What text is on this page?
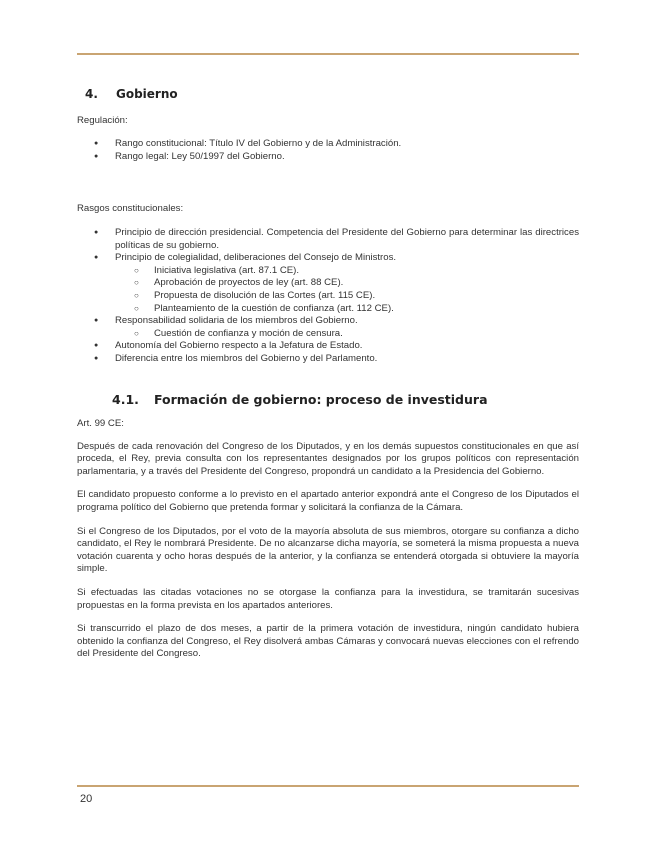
4. Gobierno

Regulación:

● Rango constitucional: Título IV del Gobierno y de la Administración.
● Rango legal: Ley 50/1997 del Gobierno.

Rasgos constitucionales:

● Principio de dirección presidencial. Competencia del Presidente del Gobierno para determinar las directrices políticas de su gobierno.
● Principio de colegialidad, deliberaciones del Consejo de Ministros.
○ Iniciativa legislativa (art. 87.1 CE).
○ Aprobación de proyectos de ley (art. 88 CE).
○ Propuesta de disolución de las Cortes (art. 115 CE).
○ Planteamiento de la cuestión de confianza (art. 112 CE).
● Responsabilidad solidaria de los miembros del Gobierno.
○ Cuestión de confianza y moción de censura.
● Autonomía del Gobierno respecto a la Jefatura de Estado.
● Diferencia entre los miembros del Gobierno y del Parlamento.
4.1. Formación de gobierno: proceso de investidura

Art. 99 CE:

Después de cada renovación del Congreso de los Diputados, y en los demás supuestos constitucionales en que así proceda, el Rey, previa consulta con los representantes designados por los grupos políticos con representación parlamentaria, y a través del Presidente del Congreso, propondrá un candidato a la Presidencia del Gobierno.

El candidato propuesto conforme a lo previsto en el apartado anterior expondrá ante el Congreso de los Diputados el programa político del Gobierno que pretenda formar y solicitará la confianza de la Cámara.

Si el Congreso de los Diputados, por el voto de la mayoría absoluta de sus miembros, otorgare su confianza a dicho candidato, el Rey le nombrará Presidente. De no alcanzarse dicha mayoría, se someterá la misma propuesta a nueva votación cuarenta y ocho horas después de la anterior, y la confianza se entenderá otorgada si obtuviere la mayoría simple.

Si efectuadas las citadas votaciones no se otorgase la confianza para la investidura, se tramitarán sucesivas propuestas en la forma prevista en los apartados anteriores.

Si transcurrido el plazo de dos meses, a partir de la primera votación de investidura, ningún candidato hubiera obtenido la confianza del Congreso, el Rey disolverá ambas Cámaras y convocará nuevas elecciones con el refrendo del Presidente del Congreso.

20
